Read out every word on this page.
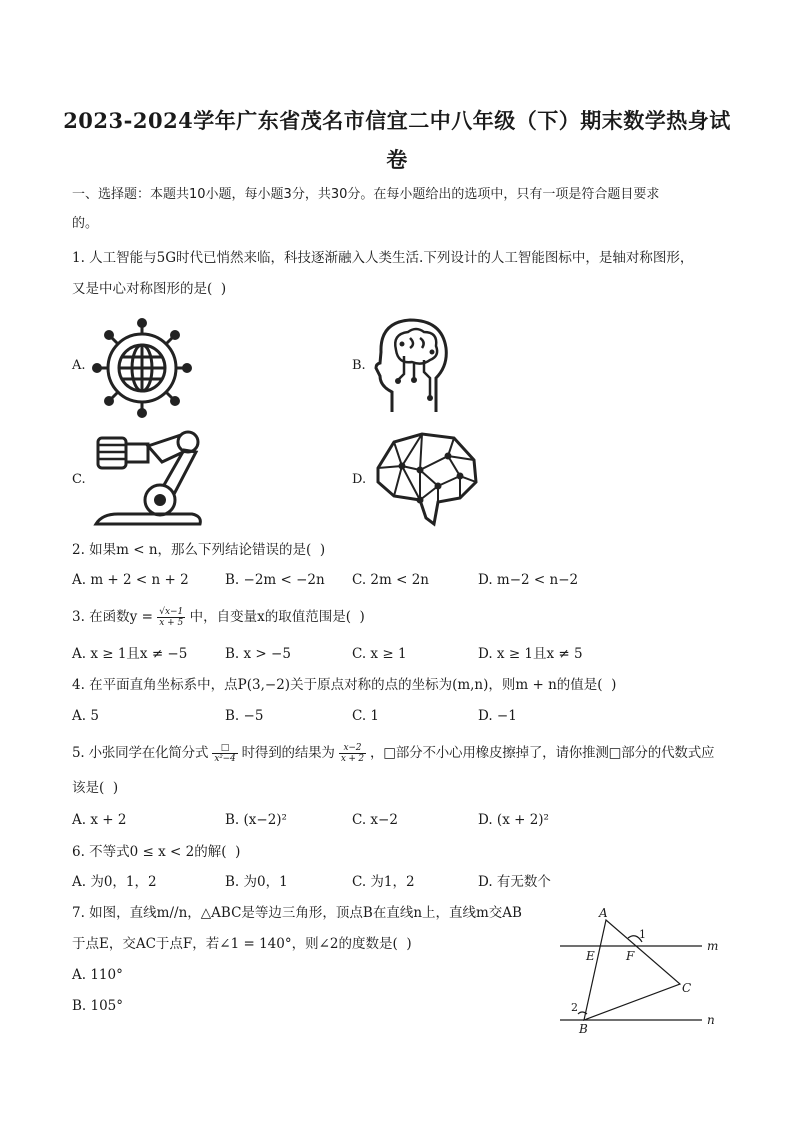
2023-2024学年广东省茂名市信宜二中八年级（下）期末数学热身试
卷
一、选择题：本题共10小题，每小题3分，共30分。在每小题给出的选项中，只有一项是符合题目要求
的。
1. 人工智能与5G时代已悄然来临，科技逐渐融入人类生活.下列设计的人工智能图标中，是轴对称图形，
又是中心对称图形的是(  )
A.	B.
C.	D.
2. 如果m < n，那么下列结论错误的是(  )
A. m + 2 < n + 2	B. −2m < −2n C. 2m < 2n	D. m−2 < n−2
3. 在函数$y = \frac{√x-1}{x + 5}$ 中，自变量x的取值范围是(  )
A. x ≥ 1且x ≠ −5	B. x > −5	C. x ≥ 1	D. x ≥ 1且x ≠ 5
4. 在平面直角坐标系中，点P(3,−2)关于原点对称的点的坐标为(m,n)，则m + n的值是(  )
A. 5	B. −5	C. 1	D. −1
5. 小张同学在化简分式 $\frac{□}{\text{x²−4}}$ 时得到的结果为 $\frac{x-2}{x + 2}$ ，□部分不小心用橡皮擦掉了，请你推测□部分的代数式应
该是(  )
A. x + 2	B. (x−2)²	C. x−2	D. (x + 2)²
6. 不等式0 ≤ x < 2的解(  )
A. 为0，1，2	B. 为0，1	C. 为1，2	D. 有无数个
7. 如图，直线m//n，△ABC是等边三角形，顶点B在直线n上，直线m交AB
于点E，交AC于点F，若∠1 = 140°，则∠2的度数是(  )
A. 110°
B. 105°
A
B
C
E	F
m
n
1
2
